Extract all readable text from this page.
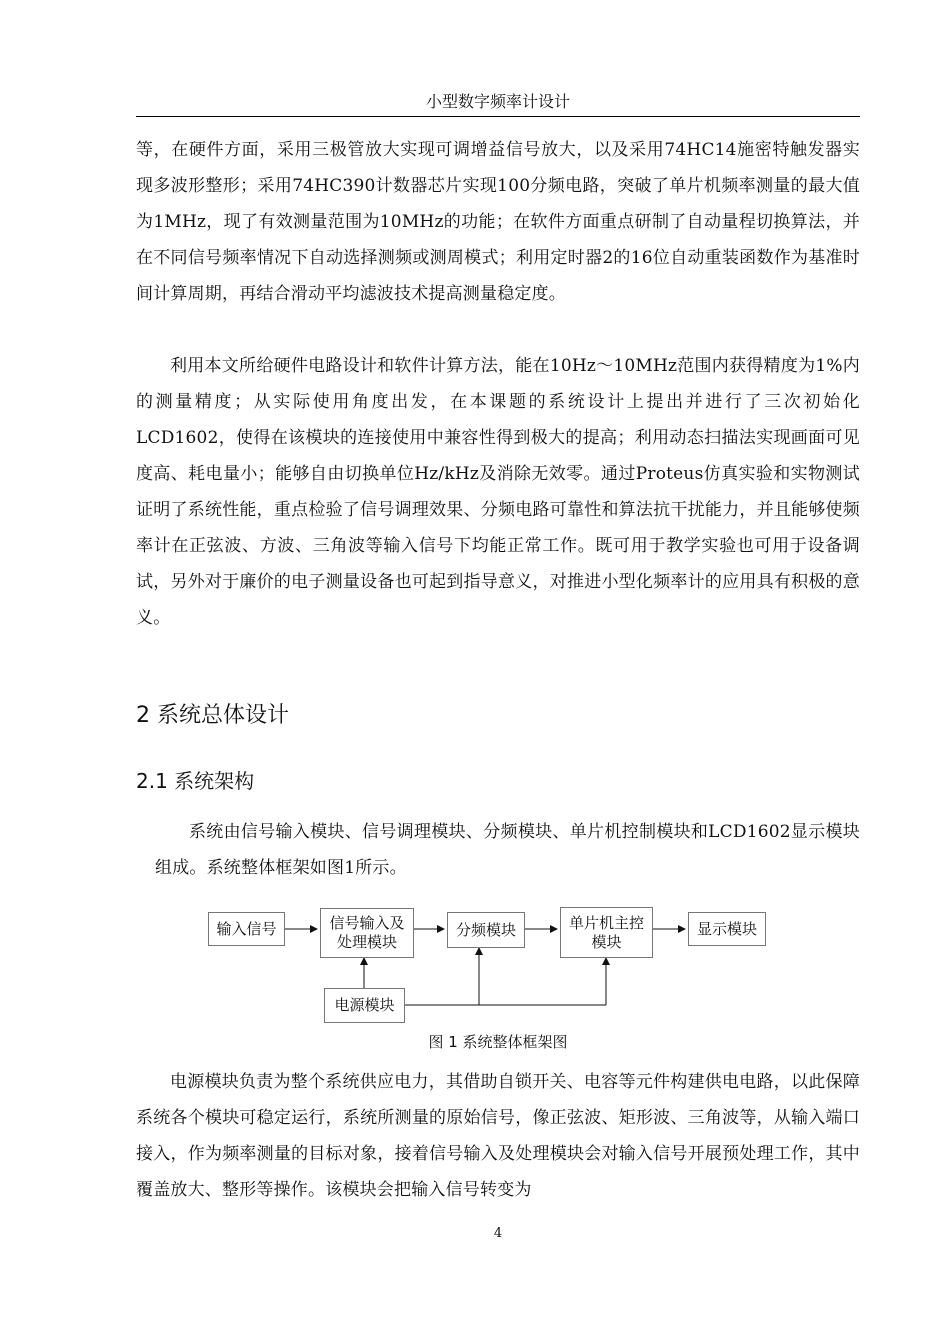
小型数字频率计设计

等，在硬件方面，采用三极管放大实现可调增益信号放大，以及采用74HC14施密特触发器实现多波形整形；采用74HC390计数器芯片实现100分频电路，突破了单片机频率测量的最大值为1MHz，现了有效测量范围为10MHz的功能；在软件方面重点研制了自动量程切换算法，并在不同信号频率情况下自动选择测频或测周模式；利用定时器2的16位自动重装函数作为基准时间计算周期，再结合滑动平均滤波技术提高测量稳定度。

利用本文所给硬件电路设计和软件计算方法，能在10Hz～10MHz范围内获得精度为1%内的测量精度；从实际使用角度出发，在本课题的系统设计上提出并进行了三次初始化LCD1602，使得在该模块的连接使用中兼容性得到极大的提高；利用动态扫描法实现画面可见度高、耗电量小；能够自由切换单位Hz/kHz及消除无效零。通过Proteus仿真实验和实物测试证明了系统性能，重点检验了信号调理效果、分频电路可靠性和算法抗干扰能力，并且能够使频率计在正弦波、方波、三角波等输入信号下均能正常工作。既可用于教学实验也可用于设备调试，另外对于廉价的电子测量设备也可起到指导意义，对推进小型化频率计的应用具有积极的意义。

2 系统总体设计
2.1 系统架构

系统由信号输入模块、信号调理模块、分频模块、单片机控制模块和LCD1602显示模块组成。系统整体框架如图1所示。

输入信号	信号输入及
处理模块
分频模块	单片机主控
模块
显示模块
电源模块
图 1 系统整体框架图

电源模块负责为整个系统供应电力，其借助自锁开关、电容等元件构建供电电路，以此保障系统各个模块可稳定运行，系统所测量的原始信号，像正弦波、矩形波、三角波等，从输入端口接入，作为频率测量的目标对象，接着信号输入及处理模块会对输入信号开展预处理工作，其中覆盖放大、整形等操作。该模块会把输入信号转变为

4
